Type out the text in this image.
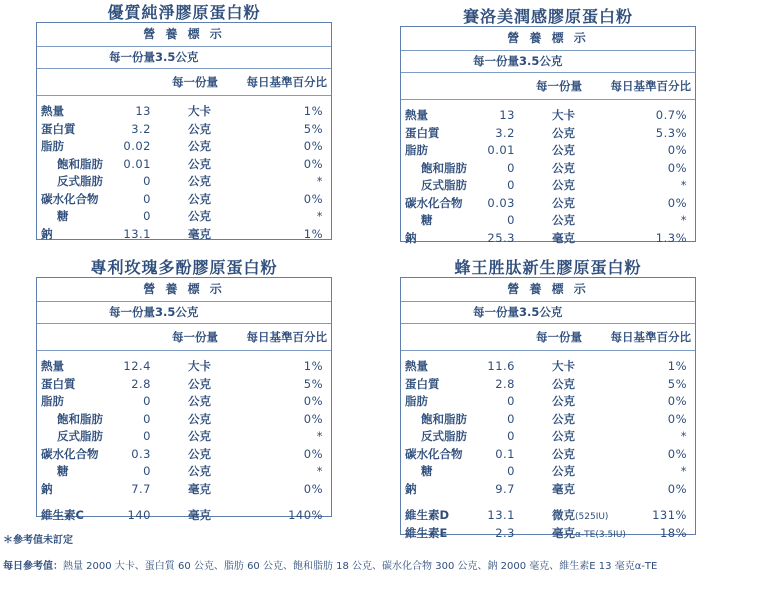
優質純淨膠原蛋白粉
營 養 標 示
每一份量3.5公克
每一份量 每日基準百分比
熱量	13	大卡	1%
蛋白質	3.2	公克	5%
脂肪	0.02	公克	0%
飽和脂肪 0.01	公克	0%
反式脂肪	0	公克	*
碳水化合物	0	公克	0%
糖	0	公克	*
鈉	13.1	毫克	1%
賽洛美潤感膠原蛋白粉
營 養 標 示
每一份量3.5公克
每一份量 每日基準百分比
熱量	13	大卡	0.7%
蛋白質	3.2	公克	5.3%
脂肪	0.01	公克	0%
飽和脂肪	0	公克	0%
反式脂肪	0	公克	*
碳水化合物 0.03	公克	0%
糖	0	公克	*
鈉	25.3	毫克	1.3%
專利玫瑰多酚膠原蛋白粉
營 養 標 示
每一份量3.5公克
每一份量 每日基準百分比
熱量	12.4	大卡	1%
蛋白質	2.8	公克	5%
脂肪	0	公克	0%
飽和脂肪	0	公克	0%
反式脂肪	0	公克	*
碳水化合物	0.3	公克	0%
糖	0	公克	*
鈉	7.7	毫克	0%
維生素C	140	毫克	140%
蜂王胜肽新生膠原蛋白粉
營 養 標 示
每一份量3.5公克
每一份量 每日基準百分比
熱量	11.6	大卡	1%
蛋白質	2.8	公克	5%
脂肪	0	公克	0%
飽和脂肪	0	公克	0%
反式脂肪	0	公克	*
碳水化合物	0.1	公克	0%
糖	0	公克	*
鈉	9.7	毫克	0%
維生素D	13.1	微克(525IU)	131%
維生素E	2.3	毫克α-TE(3.5IU)	18%
＊參考值未訂定
每日參考值：熱量 2000 大卡、蛋白質 60 公克、脂肪 60 公克、飽和脂肪 18 公克、碳水化合物 300 公克、鈉 2000 毫克、維生素E 13 毫克α-TE
